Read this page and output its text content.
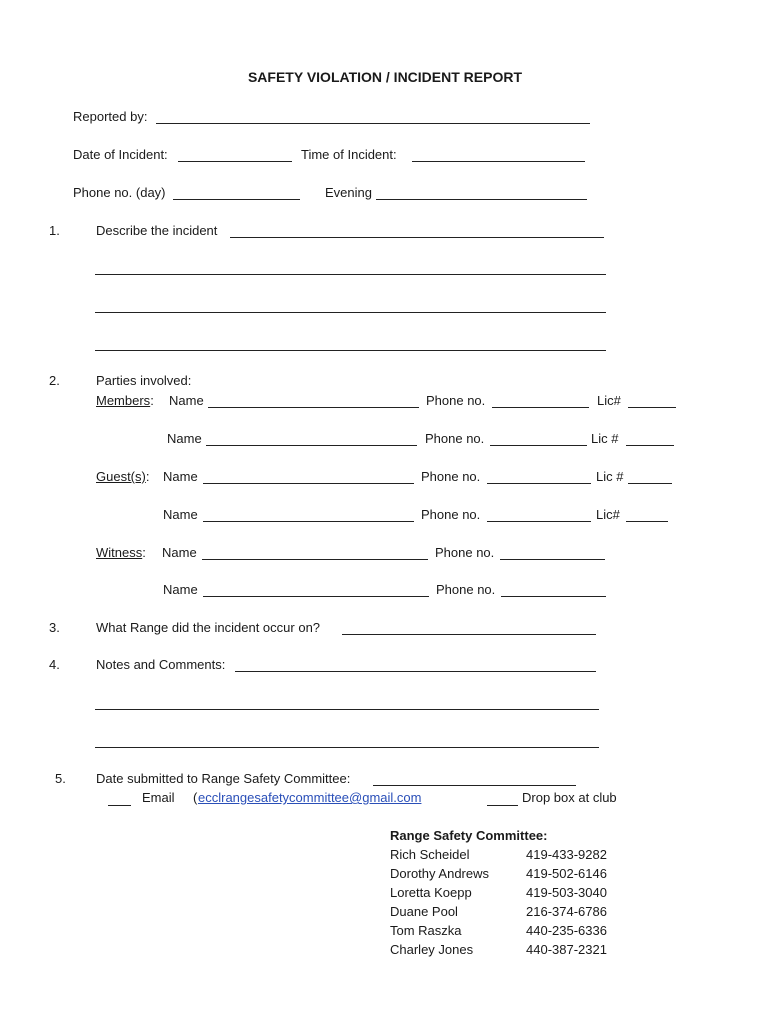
SAFETY VIOLATION / INCIDENT REPORT
Reported by:
Date of Incident:	Time of Incident:
Phone no. (day)	Evening
1.	Describe the incident
2.	Parties involved:
Members: Name	Phone no.	Lic#
Name	Phone no.	Lic #
Guest(s): Name	Phone no.	Lic #
Name	Phone no.	Lic#
Witness: Name	Phone no.
Name	Phone no.
3.	What Range did the incident occur on?
4.	Notes and Comments:
5. Date submitted to Range Safety Committee:
Email ( ecclrangesafetycommittee@gmail.com	Drop box at club
Range Safety Committee:
Rich Scheidel	419-433-9282
Dorothy Andrews	419-502-6146
Loretta Koepp	419-503-3040
Duane Pool	216-374-6786
Tom Raszka	440-235-6336
Charley Jones	440-387-2321
